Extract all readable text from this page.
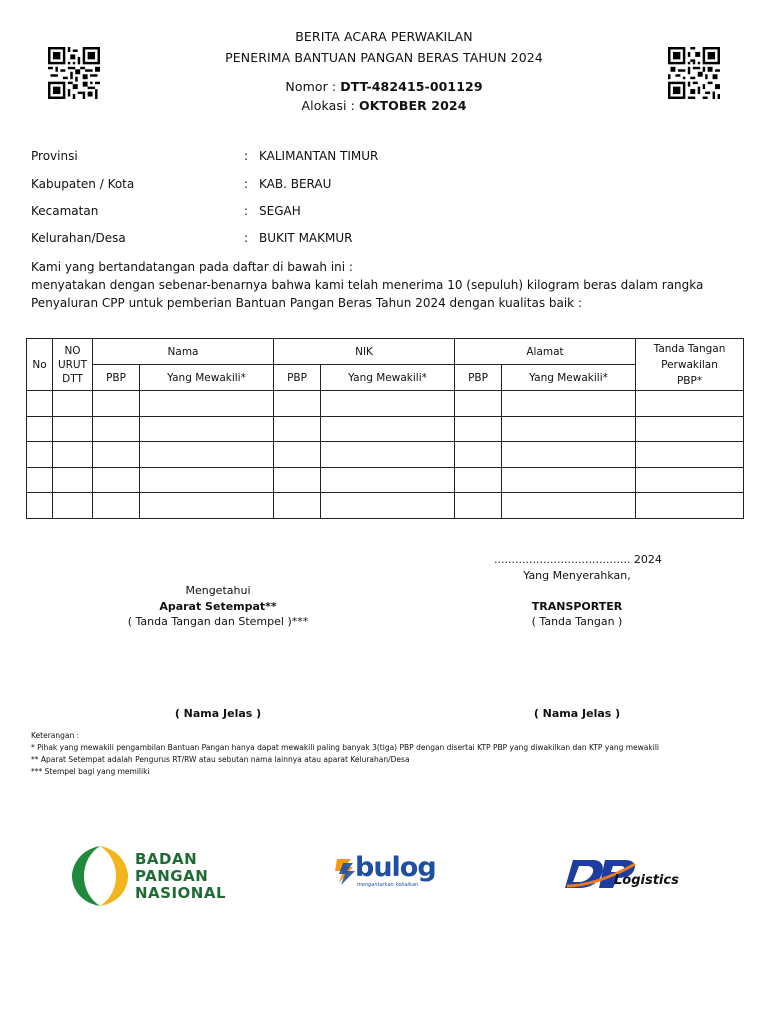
BERITA ACARA PERWAKILAN
PENERIMA BANTUAN PANGAN BERAS TAHUN 2024
Nomor : DTT-482415-001129
Alokasi : OKTOBER 2024
Provinsi	: KALIMANTAN TIMUR
Kabupaten / Kota	: KAB. BERAU
Kecamatan	: SEGAH
Kelurahan/Desa	: BUKIT MAKMUR
Kami yang bertandatangan pada daftar di bawah ini :
menyatakan dengan sebenar-benarnya bahwa kami telah menerima 10 (sepuluh) kilogram beras dalam rangka Penyaluran CPP untuk pemberian Bantuan Pangan Beras Tahun 2024 dengan kualitas baik :
No	NO URUT DTT	Nama		NIK		Alamat		Tanda Tangan Perwakilan PBP*
		PBP	Yang Mewakili*	PBP	Yang Mewakili*	PBP	Yang Mewakili*	

....................................... 2024
Yang Menyerahkan,
TRANSPORTER
( Tanda Tangan )
( Nama Jelas )
Mengetahui
Aparat Setempat**
( Tanda Tangan dan Stempel )***
( Nama Jelas )
Keterangan :
* Pihak yang mewakili pengambilan Bantuan Pangan hanya dapat mewakili paling banyak 3(tiga) PBP dengan disertai KTP PBP yang diwakilkan dan KTP yang mewakili
** Aparat Setempat adalah Pengurus RT/RW atau sebutan nama lainnya atau aparat Kelurahan/Desa
*** Stempel bagi yang memiliki
BADAN
PANGAN
NASIONAL
bulog
mengantarkan kebaikan	Logistics
